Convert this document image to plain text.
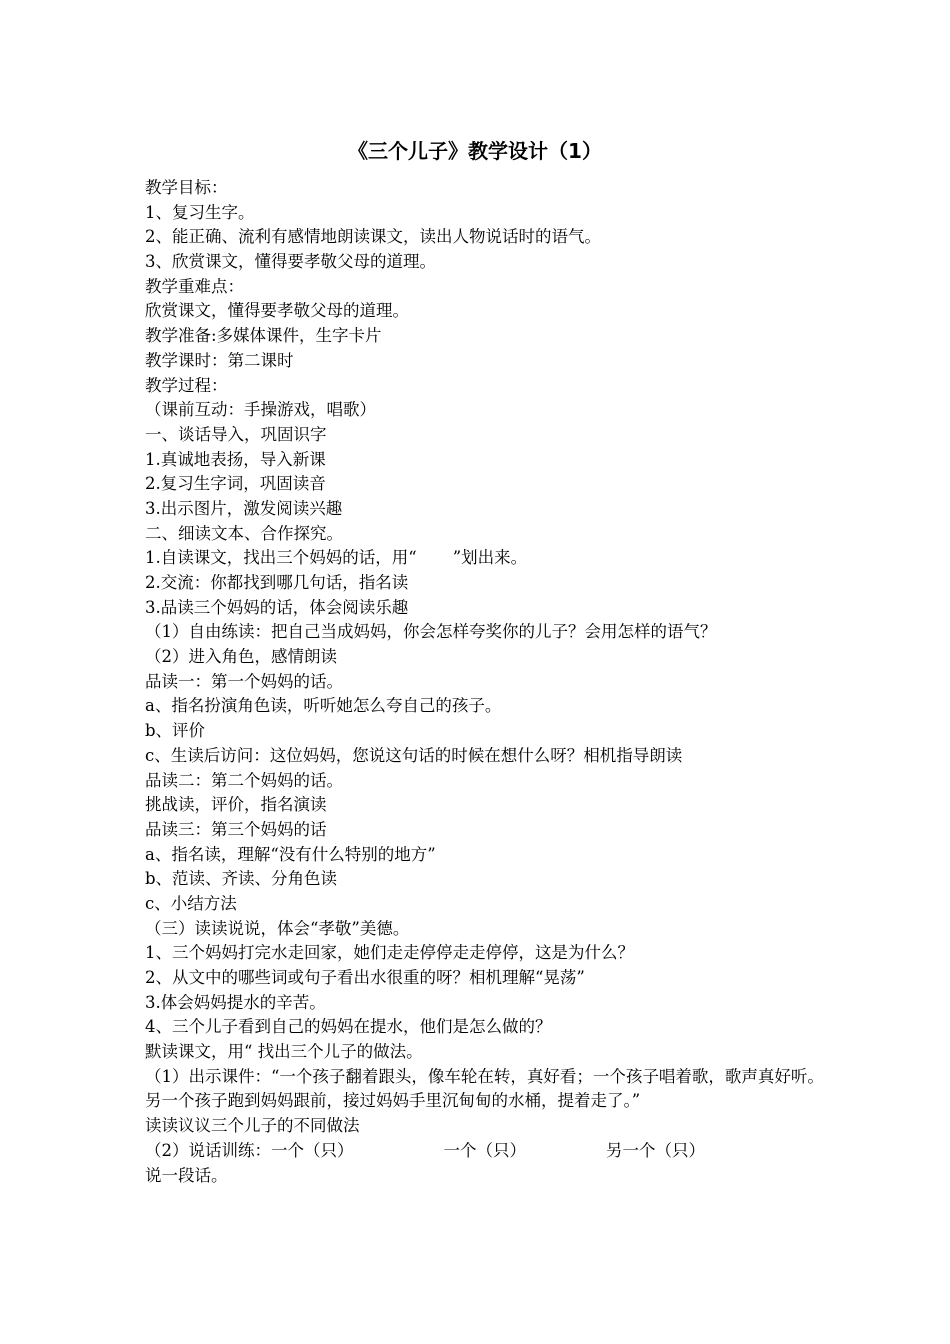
《三个儿子》教学设计（1）
教学目标：
1、复习生字。
2、能正确、流利有感情地朗读课文，读出人物说话时的语气。
3、欣赏课文，懂得要孝敬父母的道理。
教学重难点：
欣赏课文，懂得要孝敬父母的道理。
教学准备:多媒体课件，生字卡片
教学课时：第二课时
教学过程：
（课前互动：手操游戏，唱歌）
一、谈话导入，巩固识字
1.真诚地表扬，导入新课
2.复习生字词，巩固读音
3.出示图片，激发阅读兴趣
二、细读文本、合作探究。
1.自读课文，找出三个妈妈的话，用“ ”划出来。
2.交流：你都找到哪几句话，指名读
3.品读三个妈妈的话，体会阅读乐趣
（1）自由练读：把自己当成妈妈，你会怎样夸奖你的儿子？会用怎样的语气？
（2）进入角色，感情朗读
品读一：第一个妈妈的话。
a、指名扮演角色读，听听她怎么夸自己的孩子。
b、评价
c、生读后访问：这位妈妈，您说这句话的时候在想什么呀？相机指导朗读
品读二：第二个妈妈的话。
挑战读，评价，指名演读
品读三：第三个妈妈的话
a、指名读，理解“没有什么特别的地方”
b、范读、齐读、分角色读
c、小结方法
（三）读读说说，体会“孝敬”美德。
1、三个妈妈打完水走回家，她们走走停停走走停停，这是为什么？
2、从文中的哪些词或句子看出水很重的呀？相机理解“晃荡”
3.体会妈妈提水的辛苦。
4、三个儿子看到自己的妈妈在提水，他们是怎么做的？
默读课文，用“ 找出三个儿子的做法。
（1）出示课件：“一个孩子翻着跟头，像车轮在转，真好看；一个孩子唱着歌，歌声真好听。另一个孩子跑到妈妈跟前，接过妈妈手里沉甸甸的水桶，提着走了。”
读读议议三个儿子的不同做法
（2）说话训练：一个（只）	一个（只）	另一个（只）
说一段话。
